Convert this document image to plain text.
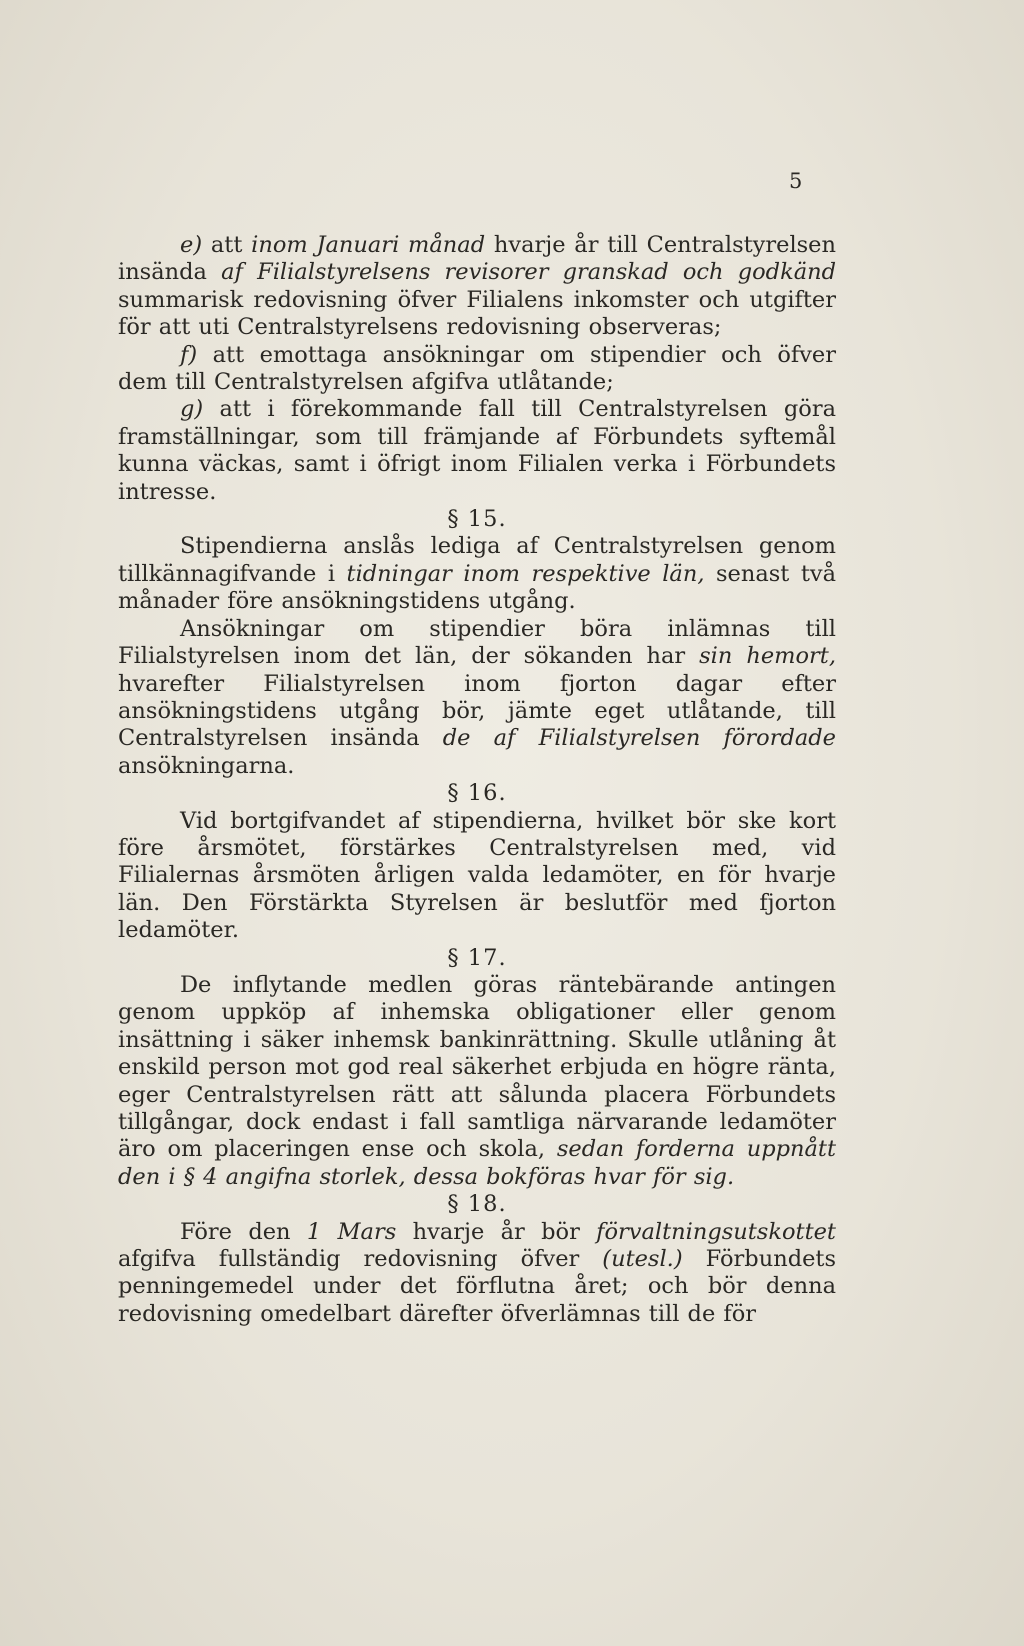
5

e) att inom Januari månad hvarje år till Centralstyrelsen insända af Filialstyrelsens revisorer granskad och godkänd summarisk redovisning öfver Filialens inkomster och utgifter för att uti Centralstyrelsens redovisning observeras;

f) att emottaga ansökningar om stipendier och öfver dem till Centralstyrelsen afgifva utlåtande;

g) att i förekommande fall till Centralstyrelsen göra framställningar, som till främjande af Förbundets syftemål kunna väckas, samt i öfrigt inom Filialen verka i Förbundets intresse.

§ 15.

Stipendierna anslås lediga af Centralstyrelsen genom tillkännagifvande i tidningar inom respektive län, senast två månader före ansökningstidens utgång.

Ansökningar om stipendier böra inlämnas till Filialstyrelsen inom det län, der sökanden har sin hemort, hvarefter Filialstyrelsen inom fjorton dagar efter ansökningstidens utgång bör, jämte eget utlåtande, till Centralstyrelsen insända de af Filialstyrelsen förordade ansökningarna.

§ 16.

Vid bortgifvandet af stipendierna, hvilket bör ske kort före årsmötet, förstärkes Centralstyrelsen med, vid Filialernas årsmöten årligen valda ledamöter, en för hvarje län. Den Förstärkta Styrelsen är beslutför med fjorton ledamöter.

§ 17.

De inflytande medlen göras räntebärande antingen genom uppköp af inhemska obligationer eller genom insättning i säker inhemsk bankinrättning. Skulle utlåning åt enskild person mot god real säkerhet erbjuda en högre ränta, eger Centralstyrelsen rätt att sålunda placera Förbundets tillgångar, dock endast i fall samtliga närvarande ledamöter äro om placeringen ense och skola, sedan forderna uppnått den i § 4 angifna storlek, dessa bokföras hvar för sig.

§ 18.

Före den 1 Mars hvarje år bör förvaltningsutskottet afgifva fullständig redovisning öfver (utesl.) Förbundets penningemedel under det förflutna året; och bör denna redovisning omedelbart därefter öfverlämnas till de för
